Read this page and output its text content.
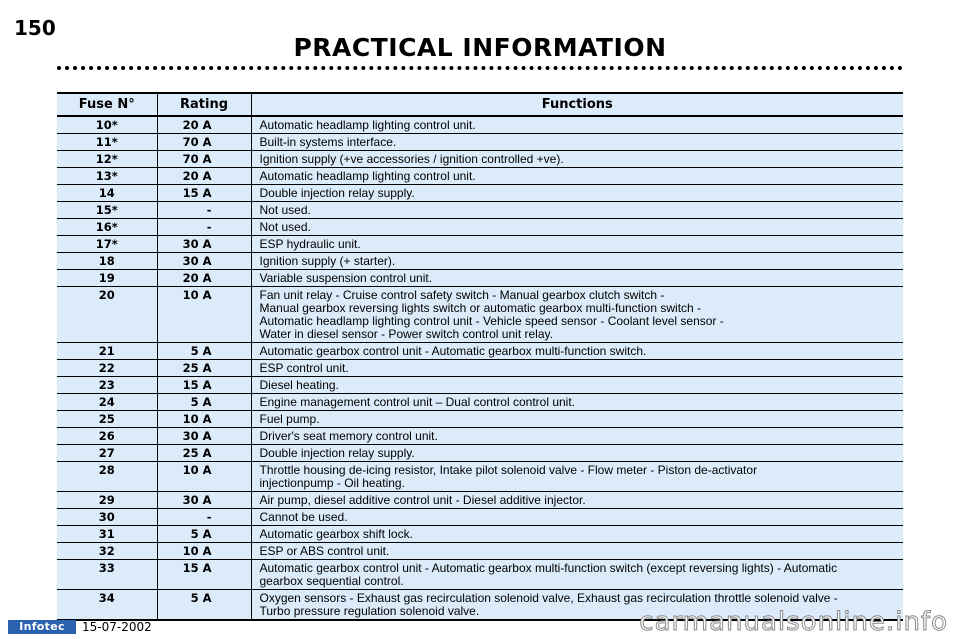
150
PRACTICAL INFORMATION
Fuse N°	Rating	Functions
10*	20 A	Automatic headlamp lighting control unit.

11*	70 A	Built-in systems interface.

12*	70 A	Ignition supply (+ve accessories / ignition controlled +ve).

13*	20 A	Automatic headlamp lighting control unit.

14	15 A	Double injection relay supply.

15*	-	Not used.

16*	-	Not used.

17*	30 A	ESP hydraulic unit.

18	30 A	Ignition supply (+ starter).

19	20 A	Variable suspension control unit.

20	10 A	Fan unit relay - Cruise control safety switch - Manual gearbox clutch switch -
Manual gearbox reversing lights switch or automatic gearbox multi-function switch -
Automatic headlamp lighting control unit - Vehicle speed sensor - Coolant level sensor -
Water in diesel sensor - Power switch control unit relay.

21	5 A	Automatic gearbox control unit - Automatic gearbox multi-function switch.

22	25 A	ESP control unit.

23	15 A	Diesel heating.

24	5 A	Engine management control unit – Dual control control unit.

25	10 A	Fuel pump.

26	30 A	Driver's seat memory control unit.

27	25 A	Double injection relay supply.

28	10 A	Throttle housing de-icing resistor, Intake pilot solenoid valve - Flow meter - Piston de-activator
injectionpump - Oil heating.

29	30 A	Air pump, diesel additive control unit - Diesel additive injector.

30	-	Cannot be used.

31	5 A	Automatic gearbox shift lock.

32	10 A	ESP or ABS control unit.

33	15 A	Automatic gearbox control unit - Automatic gearbox multi-function switch (except reversing lights) - Automatic
gearbox sequential control.

34	5 A	Oxygen sensors - Exhaust gas recirculation solenoid valve, Exhaust gas recirculation throttle solenoid valve -
Turbo pressure regulation solenoid valve.
Infotec	15-07-2002	carmanualsonline.info
